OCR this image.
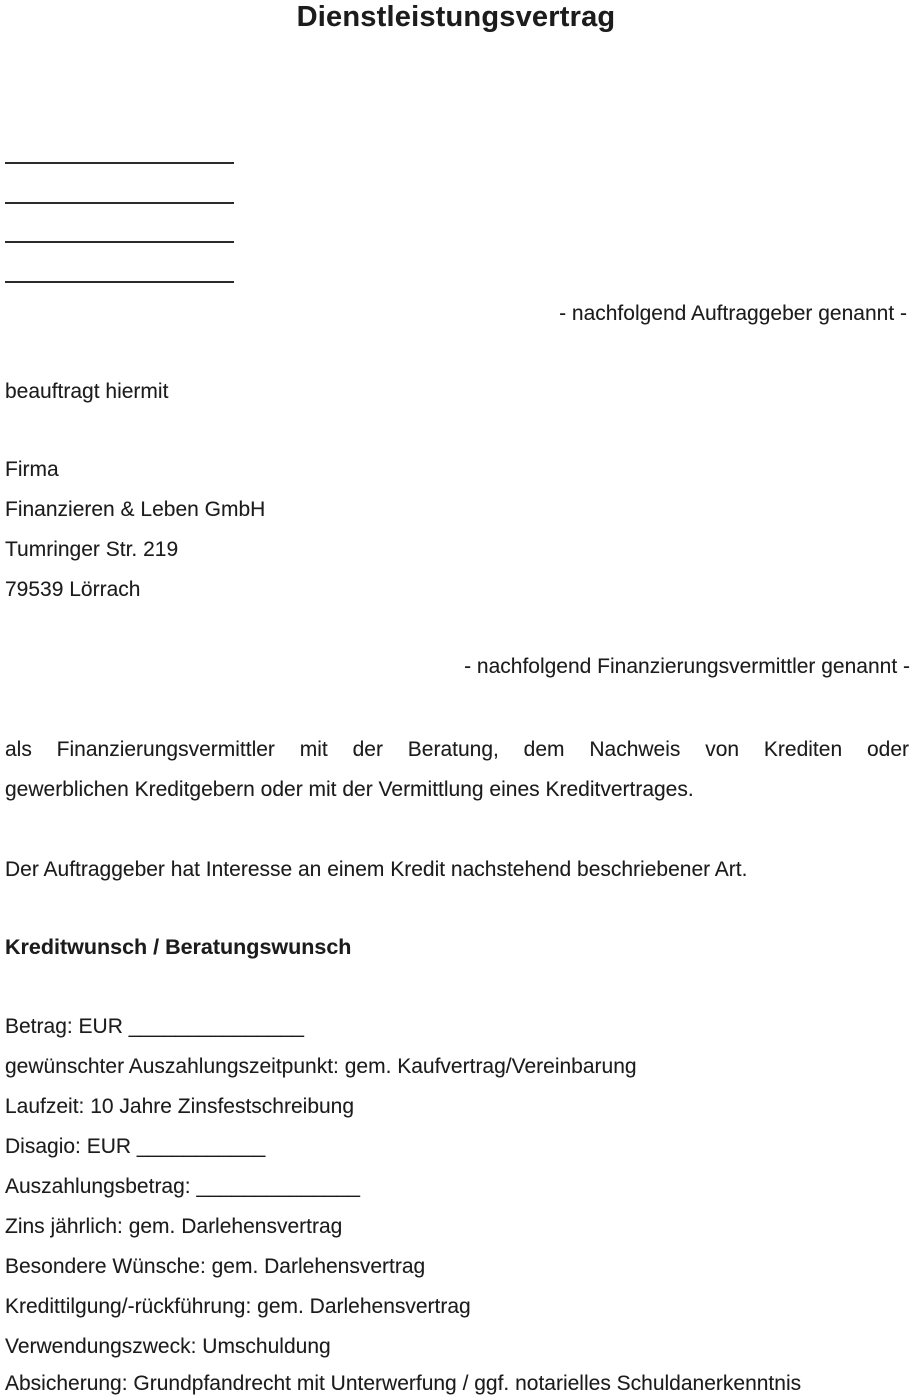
Dienstleistungsvertrag
- nachfolgend Auftraggeber genannt -
beauftragt hiermit
Firma
Finanzieren & Leben GmbH
Tumringer Str. 219
79539 Lörrach
- nachfolgend Finanzierungsvermittler genannt -
als Finanzierungsvermittler mit der Beratung, dem Nachweis von Krediten oder
gewerblichen Kreditgebern oder mit der Vermittlung eines Kreditvertrages.
Der Auftraggeber hat Interesse an einem Kredit nachstehend beschriebener Art.
Kreditwunsch / Beratungswunsch
Betrag: EUR _______________
gewünschter Auszahlungszeitpunkt: gem. Kaufvertrag/Vereinbarung
Laufzeit: 10 Jahre Zinsfestschreibung
Disagio: EUR ___________
Auszahlungsbetrag: ______________
Zins jährlich: gem. Darlehensvertrag
Besondere Wünsche: gem. Darlehensvertrag
Kredittilgung/-rückführung: gem. Darlehensvertrag
Verwendungszweck: Umschuldung
Absicherung: Grundpfandrecht mit Unterwerfung / ggf. notarielles Schuldanerkenntnis
